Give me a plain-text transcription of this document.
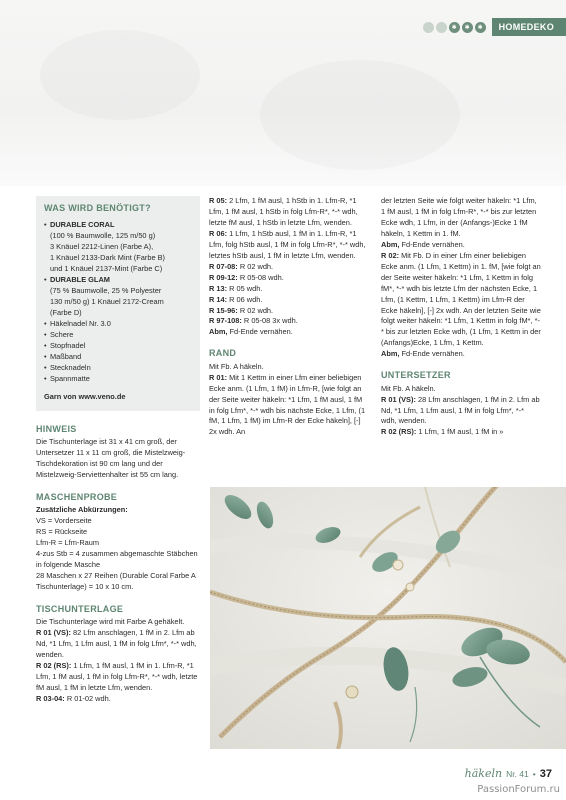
✱	✱	✱	HOMEDEKO
WAS WIRD BENÖTIGT?
• DURABLE CORAL
(100 % Baumwolle, 125 m/50 g)
3 Knäuel 2212-Linen (Farbe A),
1 Knäuel 2133-Dark Mint (Farbe B)
und 1 Knäuel 2137-Mint (Farbe C)
• DURABLE GLAM
(75 % Baumwolle, 25 % Polyester
130 m/50 g) 1 Knäuel 2172-Cream
(Farbe D)
• Häkelnadel Nr. 3.0
• Schere
• Stopfnadel
• Maßband
• Stecknadeln
• Spannmatte
Garn von www.veno.de
HINWEIS

Die Tischunterlage ist 31 x 41 cm groß, der Untersetzer 11 x 11 cm groß, die Mistelzweig-Tischdekoration ist 90 cm lang und der Mistelzweig-Serviettenhalter ist 55 cm lang.

MASCHENPROBE

Zusätzliche Abkürzungen:

VS = Vorderseite

RS = Rückseite

Lfm-R = Lfm-Raum

4-zus Stb = 4 zusammen abgemaschte Stäbchen in folgende Masche

28 Maschen x 27 Reihen (Durable Coral Farbe A Tischunterlage) = 10 x 10 cm.

TISCHUNTERLAGE

Die Tischunterlage wird mit Farbe A gehäkelt.

R 01 (VS): 82 Lfm anschlagen, 1 fM in 2. Lfm ab Nd, *1 Lfm, 1 Lfm ausl, 1 fM in folg Lfm*, *-* wdh, wenden.

R 02 (RS): 1 Lfm, 1 fM ausl, 1 fM in 1. Lfm-R, *1 Lfm, 1 fM ausl, 1 fM in folg Lfm-R*, *-* wdh, letzte fM ausl, 1 fM in letzte Lfm, wenden.

R 03-04: R 01-02 wdh.

R 05: 2 Lfm, 1 fM ausl, 1 hStb in 1. Lfm-R, *1 Lfm, 1 fM ausl, 1 hStb in folg Lfm-R*, *-* wdh, letzte fM ausl, 1 hStb in letzte Lfm, wenden.

R 06: 1 Lfm, 1 hStb ausl, 1 fM in 1. Lfm-R, *1 Lfm, folg hStb ausl, 1 fM in folg Lfm-R*, *-* wdh, letztes hStb ausl, 1 fM in letzte Lfm, wenden.

R 07-08: R 02 wdh.

R 09-12: R 05-08 wdh.

R 13: R 05 wdh.

R 14: R 06 wdh.

R 15-96: R 02 wdh.

R 97-108: R 05-08 3x wdh.

Abm, Fd-Ende vernähen.

RAND

Mit Fb. A häkeln.

R 01: Mit 1 Kettm in einer Lfm einer beliebigen Ecke anm. (1 Lfm, 1 fM) in Lfm-R, [wie folgt an der Seite weiter häkeln: *1 Lfm, 1 fM ausl, 1 fM in folg Lfm*, *-* wdh bis nächste Ecke, 1 Lfm, (1 fM, 1 Lfm, 1 fM) im Lfm-R der Ecke häkeln], [-] 2x wdh. An

der letzten Seite wie folgt weiter häkeln: *1 Lfm, 1 fM ausl, 1 fM in folg Lfm-R*, *-* bis zur letzten Ecke wdh, 1 Lfm, in der (Anfangs-)Ecke 1 fM häkeln, 1 Kettm in 1. fM.

Abm, Fd-Ende vernähen.

R 02: Mit Fb. D in einer Lfm einer beliebigen Ecke anm. (1 Lfm, 1 Kettm) in 1. fM, [wie folgt an der Seite weiter häkeln: *1 Lfm, 1 Kettm in folg fM*, *-* wdh bis letzte Lfm der nächsten Ecke, 1 Lfm, (1 Kettm, 1 Lfm, 1 Kettm) im Lfm-R der Ecke häkeln], [-] 2x wdh. An der letzten Seite wie folgt weiter häkeln: *1 Lfm, 1 Kettm in folg fM*, *-* bis zur letzten Ecke wdh, (1 Lfm, 1 Kettm in der (Anfangs)Ecke, 1 Lfm, 1 Kettm.

Abm, Fd-Ende vernähen.

UNTERSETZER

Mit Fb. A häkeln.

R 01 (VS): 28 Lfm anschlagen, 1 fM in 2. Lfm ab Nd, *1 Lfm, 1 Lfm ausl, 1 fM in folg Lfm*, *-* wdh, wenden.

R 02 (RS): 1 Lfm, 1 fM ausl, 1 fM in »

häkeln Nr. 41 • 37
PassionForum.ru
